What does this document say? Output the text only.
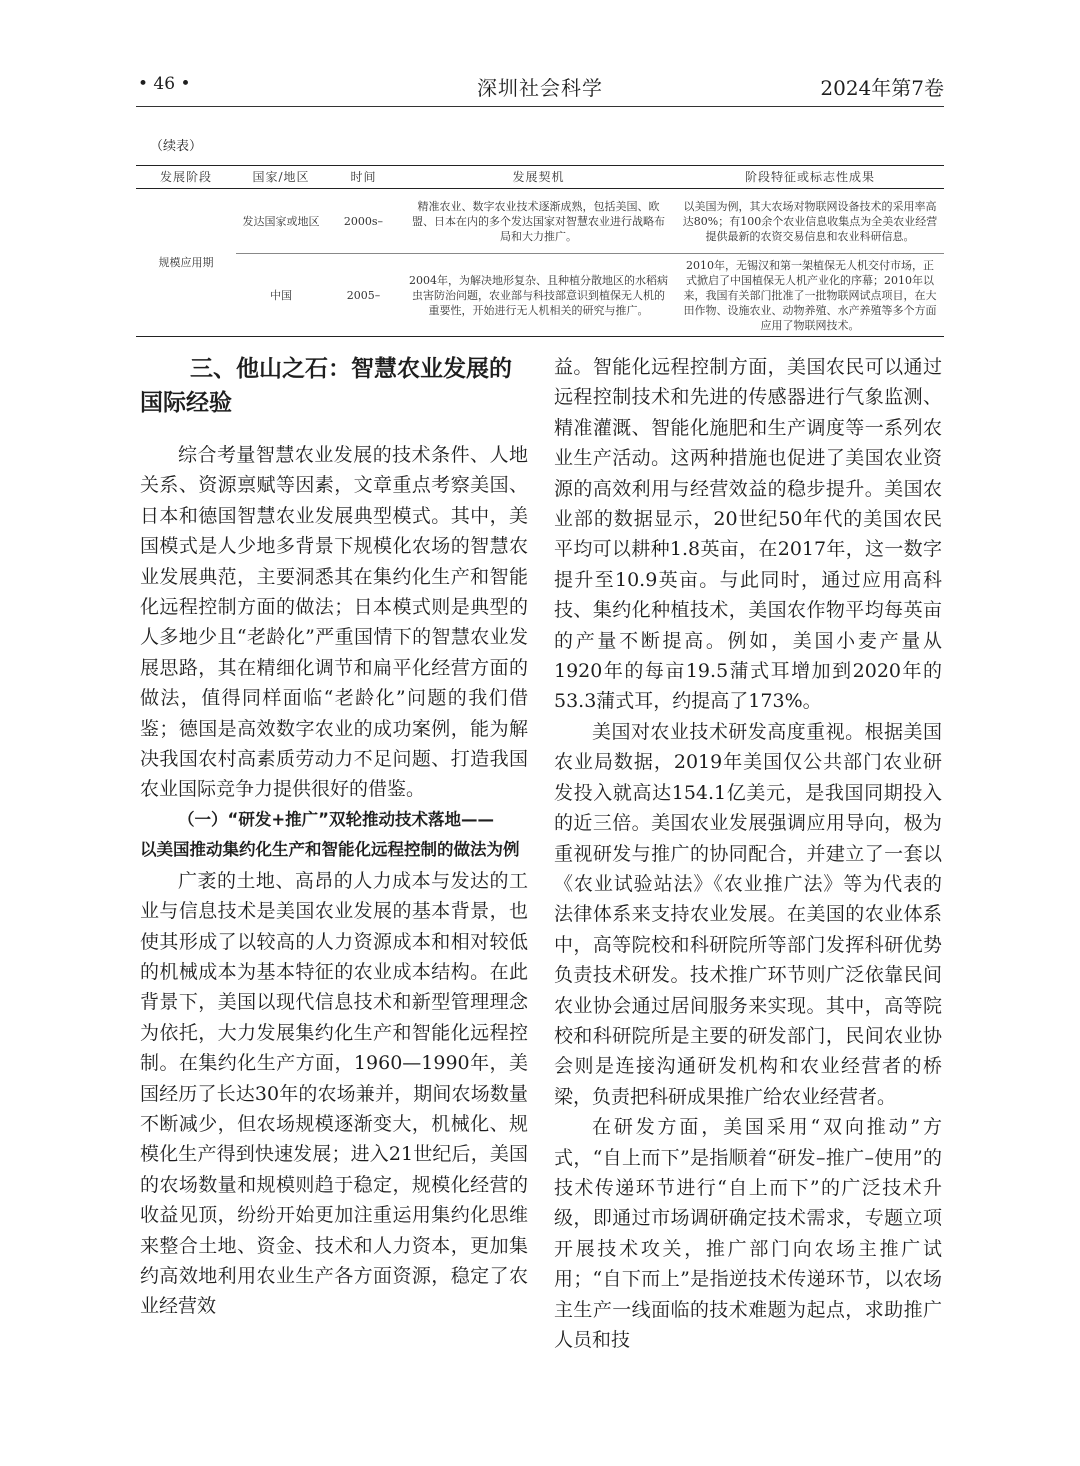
• 46 •	深圳社会科学	2024年第7卷
（续表）
发展阶段	国家/地区	时间	发展契机	阶段特征或标志性成果
规模应用期	发达国家或地区	2000s–	精准农业、数字农业技术逐渐成熟，包括美国、欧盟、日本在内的多个发达国家对智慧农业进行战略布局和大力推广。	以美国为例，其大农场对物联网设备技术的采用率高达80%；有100余个农业信息收集点为全美农业经营提供最新的农资交易信息和农业科研信息。
	中国	2005–	2004年，为解决地形复杂、且种植分散地区的水稻病虫害防治问题，农业部与科技部意识到植保无人机的重要性，开始进行无人机相关的研究与推广。	2010年，无锡汉和第一架植保无人机交付市场，正式掀启了中国植保无人机产业化的序幕；2010年以来，我国有关部门批准了一批物联网试点项目，在大田作物、设施农业、动物养殖、水产养殖等多个方面应用了物联网技术。
三、他山之石：智慧农业发展的
国际经验

综合考量智慧农业发展的技术条件、人地关系、资源禀赋等因素，文章重点考察美国、日本和德国智慧农业发展典型模式。其中，美国模式是人少地多背景下规模化农场的智慧农业发展典范，主要洞悉其在集约化生产和智能化远程控制方面的做法；日本模式则是典型的人多地少且“老龄化”严重国情下的智慧农业发展思路，其在精细化调节和扁平化经营方面的做法，值得同样面临“老龄化”问题的我们借鉴；德国是高效数字农业的成功案例，能为解决我国农村高素质劳动力不足问题、打造我国农业国际竞争力提供很好的借鉴。

（一）“研发+推广”双轮推动技术落地——
以美国推动集约化生产和智能化远程控制的做法为例

广袤的土地、高昂的人力成本与发达的工业与信息技术是美国农业发展的基本背景，也使其形成了以较高的人力资源成本和相对较低的机械成本为基本特征的农业成本结构。在此背景下，美国以现代信息技术和新型管理理念为依托，大力发展集约化生产和智能化远程控制。在集约化生产方面，1960—1990年，美国经历了长达30年的农场兼并，期间农场数量不断减少，但农场规模逐渐变大，机械化、规模化生产得到快速发展；进入21世纪后，美国的农场数量和规模则趋于稳定，规模化经营的收益见顶，纷纷开始更加注重运用集约化思维来整合土地、资金、技术和人力资本，更加集约高效地利用农业生产各方面资源，稳定了农业经营效

益。智能化远程控制方面，美国农民可以通过远程控制技术和先进的传感器进行气象监测、精准灌溉、智能化施肥和生产调度等一系列农业生产活动。这两种措施也促进了美国农业资源的高效利用与经营效益的稳步提升。美国农业部的数据显示，20世纪50年代的美国农民平均可以耕种1.8英亩，在2017年，这一数字提升至10.9英亩。与此同时，通过应用高科技、集约化种植技术，美国农作物平均每英亩的产量不断提高。例如，美国小麦产量从1920年的每亩19.5蒲式耳增加到2020年的53.3蒲式耳，约提高了173%。

美国对农业技术研发高度重视。根据美国农业局数据，2019年美国仅公共部门农业研发投入就高达154.1亿美元，是我国同期投入的近三倍。美国农业发展强调应用导向，极为重视研发与推广的协同配合，并建立了一套以《农业试验站法》《农业推广法》等为代表的法律体系来支持农业发展。在美国的农业体系中，高等院校和科研院所等部门发挥科研优势负责技术研发。技术推广环节则广泛依靠民间农业协会通过居间服务来实现。其中，高等院校和科研院所是主要的研发部门，民间农业协会则是连接沟通研发机构和农业经营者的桥梁，负责把科研成果推广给农业经营者。

在研发方面，美国采用“双向推动”方式，“自上而下”是指顺着“研发–推广–使用”的技术传递环节进行“自上而下”的广泛技术升级，即通过市场调研确定技术需求，专题立项开展技术攻关，推广部门向农场主推广试用；“自下而上”是指逆技术传递环节，以农场主生产一线面临的技术难题为起点，求助推广人员和技
